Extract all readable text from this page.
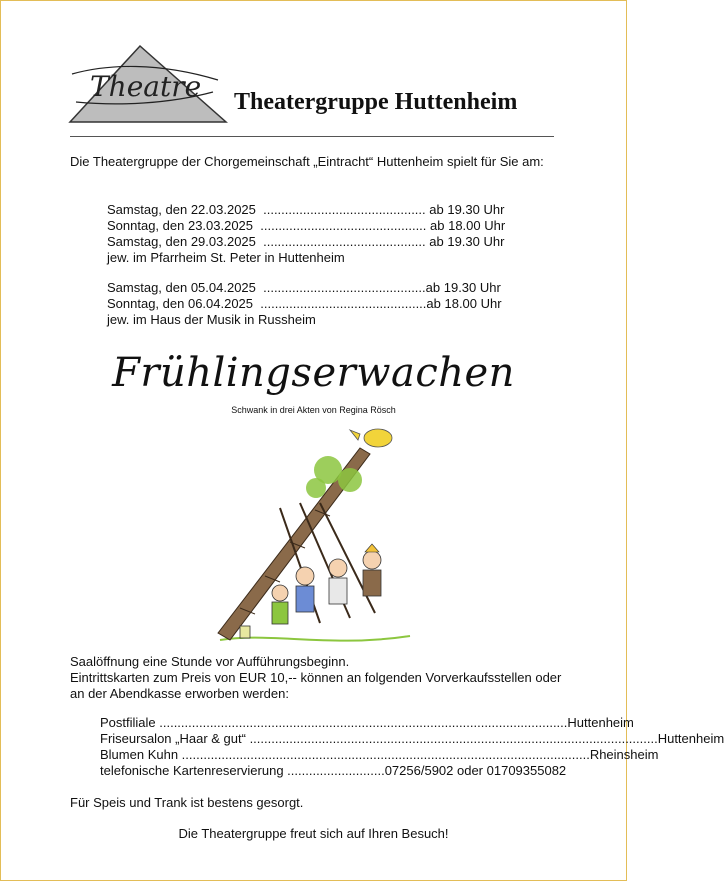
Theatre Theatergruppe Huttenheim
Die Theatergruppe der Chorgemeinschaft „Eintracht“ Huttenheim spielt für Sie am:
Samstag, den 22.03.2025 ............................................. ab 19.30 Uhr
Sonntag, den 23.03.2025 .............................................. ab 18.00 Uhr
Samstag, den 29.03.2025 ............................................. ab 19.30 Uhr
jew. im Pfarrheim St. Peter in Huttenheim
Samstag, den 05.04.2025 ............................................. ab 19.30 Uhr
Sonntag, den 06.04.2025 .............................................. ab 18.00 Uhr
jew. im Haus der Musik in Russheim
Frühlingserwachen
Schwank in drei Akten von Regina Rösch
Saalöffnung eine Stunde vor Aufführungsbeginn.
Eintrittskarten zum Preis von EUR 10,-- können an folgenden Vorverkaufsstellen oder an der Abendkasse erworben werden:
Postfiliale ................................................................................................................. Huttenheim
Friseursalon „Haar & gut“ ................................................................................................................. Huttenheim
Blumen Kuhn ................................................................................................................. Rheinsheim
telefonische Kartenreservierung ........................... 07256/5902 oder 01709355082
Für Speis und Trank ist bestens gesorgt.
Die Theatergruppe freut sich auf Ihren Besuch!
